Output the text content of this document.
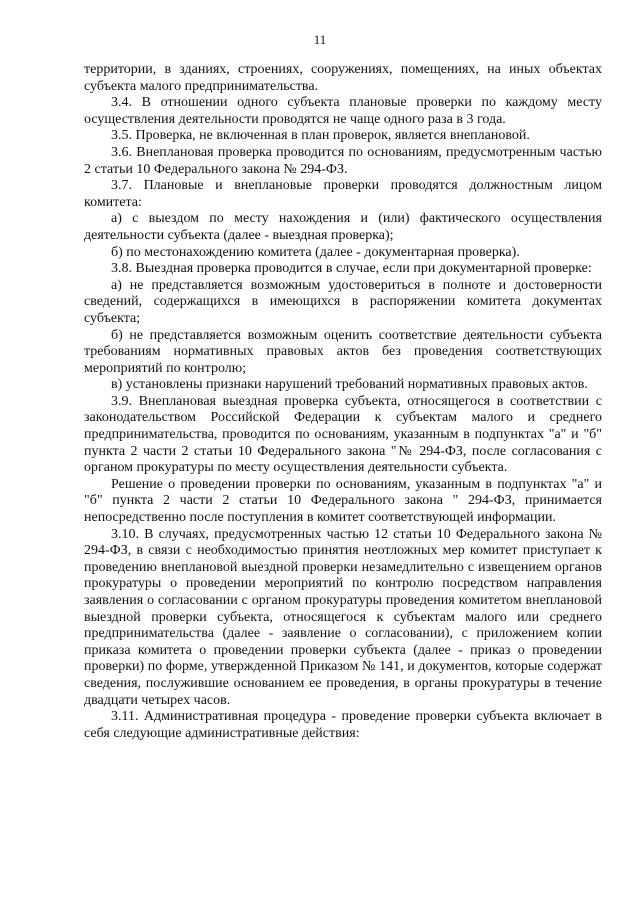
11

территории, в зданиях, строениях, сооружениях, помещениях, на иных объектах субъекта малого предпринимательства.

3.4. В отношении одного субъекта плановые проверки по каждому месту осуществления деятельности проводятся не чаще одного раза в 3 года.

3.5. Проверка, не включенная в план проверок, является внеплановой.

3.6. Внеплановая проверка проводится по основаниям, предусмотренным частью 2 статьи 10 Федерального закона № 294-ФЗ.

3.7. Плановые и внеплановые проверки проводятся должностным лицом комитета:

а) с выездом по месту нахождения и (или) фактического осуществления деятельности субъекта (далее - выездная проверка);

б) по местонахождению комитета (далее - документарная проверка).

3.8. Выездная проверка проводится в случае, если при документарной проверке:

а) не представляется возможным удостовериться в полноте и достоверности сведений, содержащихся в имеющихся в распоряжении комитета документах субъекта;

б) не представляется возможным оценить соответствие деятельности субъекта требованиям нормативных правовых актов без проведения соответствующих мероприятий по контролю;

в) установлены признаки нарушений требований нормативных правовых актов.

3.9. Внеплановая выездная проверка субъекта, относящегося в соответствии с законодательством Российской Федерации к субъектам малого и среднего предпринимательства, проводится по основаниям, указанным в подпунктах "а" и "б" пункта 2 части 2 статьи 10 Федерального закона "№ 294-ФЗ, после согласования с органом прокуратуры по месту осуществления деятельности субъекта.

Решение о проведении проверки по основаниям, указанным в подпунктах "а" и "б" пункта 2 части 2 статьи 10 Федерального закона " 294-ФЗ, принимается непосредственно после поступления в комитет соответствующей информации.

3.10. В случаях, предусмотренных частью 12 статьи 10 Федерального закона № 294-ФЗ, в связи с необходимостью принятия неотложных мер комитет приступает к проведению внеплановой выездной проверки незамедлительно с извещением органов прокуратуры о проведении мероприятий по контролю посредством направления заявления о согласовании с органом прокуратуры проведения комитетом внеплановой выездной проверки субъекта, относящегося к субъектам малого или среднего предпринимательства (далее - заявление о согласовании), с приложением копии приказа комитета о проведении проверки субъекта (далее - приказ о проведении проверки) по форме, утвержденной Приказом № 141, и документов, которые содержат сведения, послужившие основанием ее проведения, в органы прокуратуры в течение двадцати четырех часов.

3.11. Административная процедура - проведение проверки субъекта включает в себя следующие административные действия:
